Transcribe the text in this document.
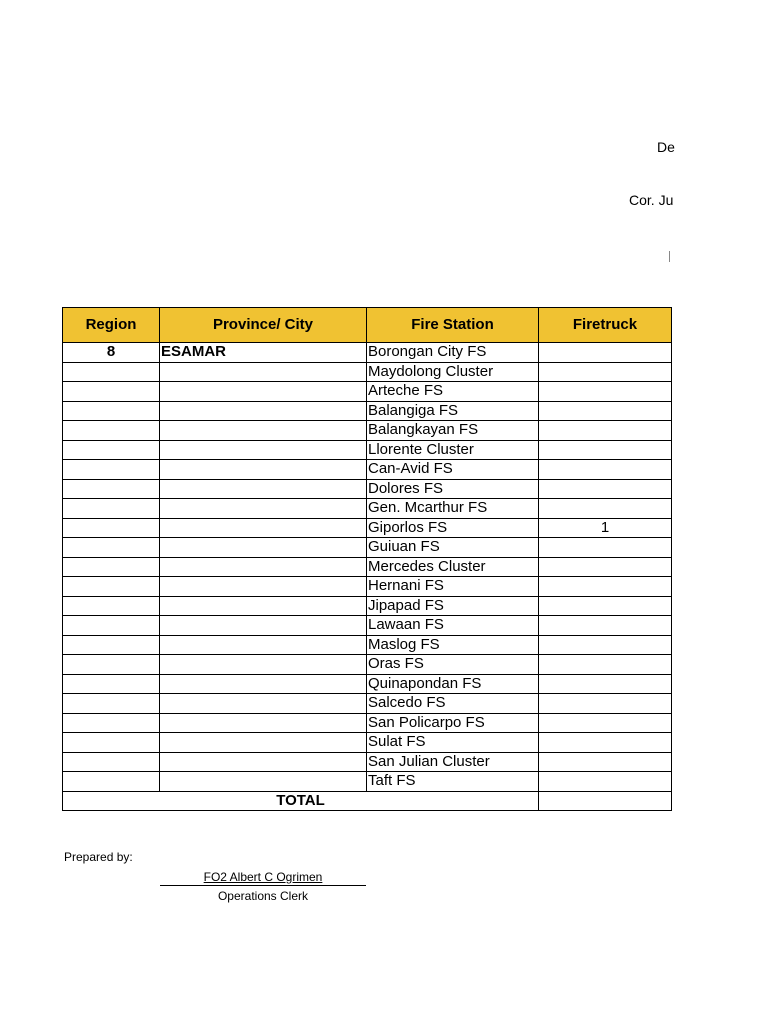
De
Cor. Ju
Region	Province/ City	Fire Station	Firetruck
8	ESAMAR	Borongan City FS	
		Maydolong Cluster	
		Arteche FS	
		Balangiga FS	
		Balangkayan FS	
		Llorente Cluster	
		Can-Avid FS	
		Dolores FS	
		Gen. Mcarthur FS	
		Giporlos FS	1
		Guiuan FS	
		Mercedes Cluster	
		Hernani FS	
		Jipapad FS	
		Lawaan FS	
		Maslog FS	
		Oras FS	
		Quinapondan FS	
		Salcedo FS	
		San Policarpo FS	
		Sulat FS	
		San Julian Cluster	
		Taft FS	
TOTAL			
Prepared by:
FO2 Albert C Ogrimen
Operations Clerk
